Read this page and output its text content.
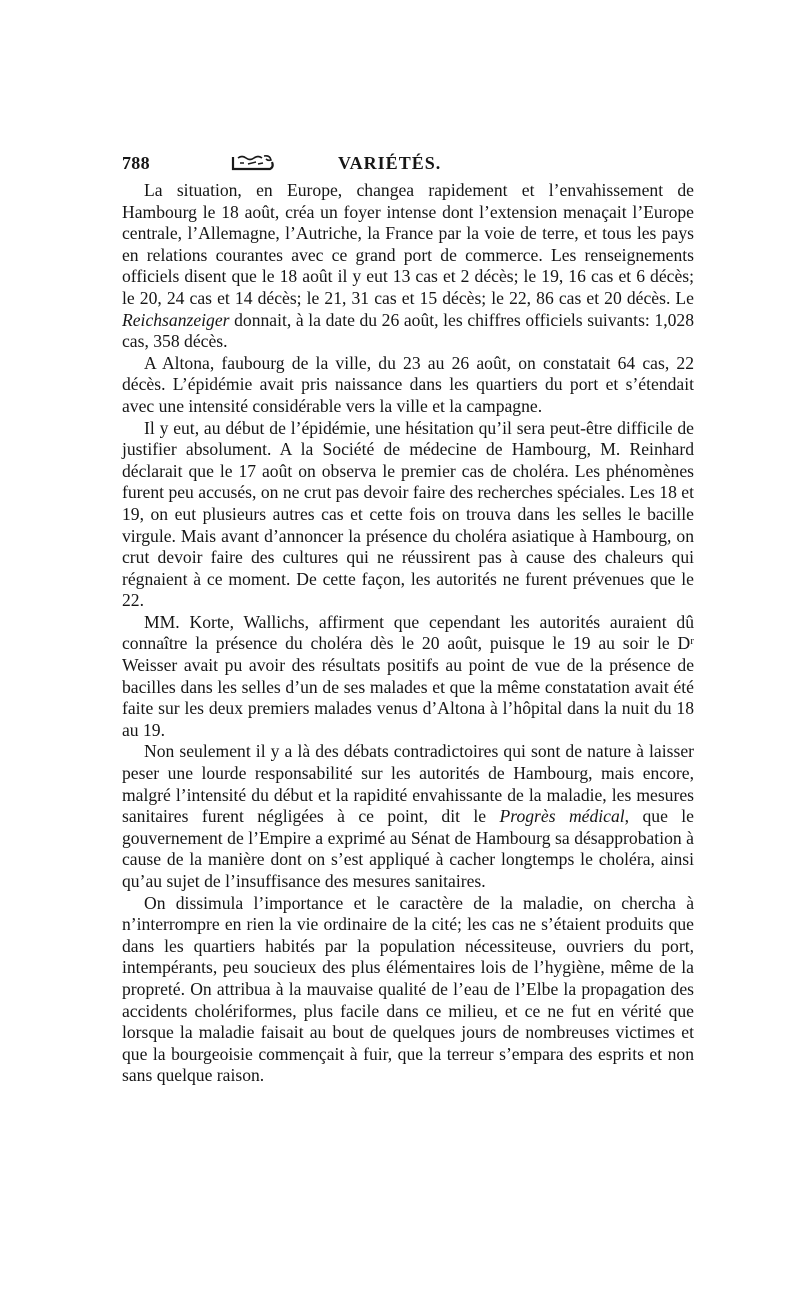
788	VARIÉTÉS.

La situation, en Europe, changea rapidement et l’envahissement de Hambourg le 18 août, créa un foyer intense dont l’extension menaçait l’Europe centrale, l’Allemagne, l’Autriche, la France par la voie de terre, et tous les pays en relations courantes avec ce grand port de commerce. Les renseignements officiels disent que le 18 août il y eut 13 cas et 2 décès; le 19, 16 cas et 6 décès; le 20, 24 cas et 14 décès; le 21, 31 cas et 15 décès; le 22, 86 cas et 20 décès. Le Reichsanzeiger donnait, à la date du 26 août, les chiffres officiels suivants: 1,028 cas, 358 décès.

A Altona, faubourg de la ville, du 23 au 26 août, on constatait 64 cas, 22 décès. L’épidémie avait pris naissance dans les quartiers du port et s’étendait avec une intensité considérable vers la ville et la campagne.

Il y eut, au début de l’épidémie, une hésitation qu’il sera peut-être difficile de justifier absolument. A la Société de médecine de Hambourg, M. Reinhard déclarait que le 17 août on observa le premier cas de choléra. Les phénomènes furent peu accusés, on ne crut pas devoir faire des recherches spéciales. Les 18 et 19, on eut plusieurs autres cas et cette fois on trouva dans les selles le bacille virgule. Mais avant d’annoncer la présence du choléra asiatique à Hambourg, on crut devoir faire des cultures qui ne réussirent pas à cause des chaleurs qui régnaient à ce moment. De cette façon, les autorités ne furent prévenues que le 22.

MM. Korte, Wallichs, affirment que cependant les autorités auraient dû connaître la présence du choléra dès le 20 août, puisque le 19 au soir le Dʳ Weisser avait pu avoir des résultats positifs au point de vue de la présence de bacilles dans les selles d’un de ses malades et que la même constatation avait été faite sur les deux premiers malades venus d’Altona à l’hôpital dans la nuit du 18 au 19.

Non seulement il y a là des débats contradictoires qui sont de nature à laisser peser une lourde responsabilité sur les autorités de Hambourg, mais encore, malgré l’intensité du début et la rapidité envahissante de la maladie, les mesures sanitaires furent négligées à ce point, dit le Progrès médical, que le gouvernement de l’Empire a exprimé au Sénat de Hambourg sa désapprobation à cause de la manière dont on s’est appliqué à cacher longtemps le choléra, ainsi qu’au sujet de l’insuffisance des mesures sanitaires.

On dissimula l’importance et le caractère de la maladie, on chercha à n’interrompre en rien la vie ordinaire de la cité; les cas ne s’étaient produits que dans les quartiers habités par la population nécessiteuse, ouvriers du port, intempérants, peu soucieux des plus élémentaires lois de l’hygiène, même de la propreté. On attribua à la mauvaise qualité de l’eau de l’Elbe la propagation des accidents cholériformes, plus facile dans ce milieu, et ce ne fut en vérité que lorsque la maladie faisait au bout de quelques jours de nombreuses victimes et que la bourgeoisie commençait à fuir, que la terreur s’empara des esprits et non sans quelque raison.
